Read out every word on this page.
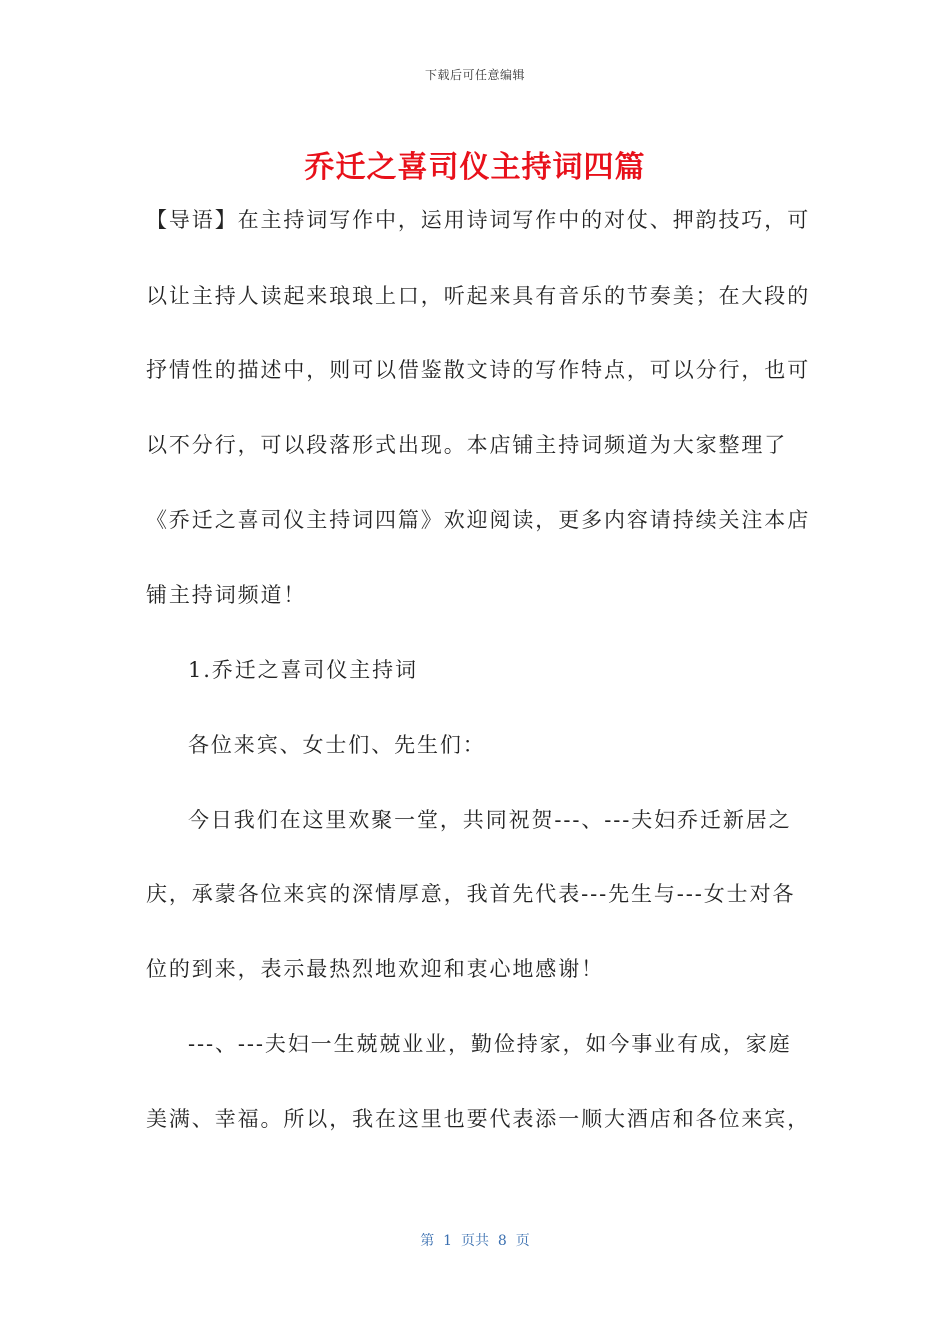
下载后可任意编辑
乔迁之喜司仪主持词四篇
【导语】在主持词写作中，运用诗词写作中的对仗、押韵技巧，可
以让主持人读起来琅琅上口，听起来具有音乐的节奏美；在大段的
抒情性的描述中，则可以借鉴散文诗的写作特点，可以分行，也可
以不分行，可以段落形式出现。本店铺主持词频道为大家整理了
《乔迁之喜司仪主持词四篇》欢迎阅读，更多内容请持续关注本店
铺主持词频道！
1.乔迁之喜司仪主持词
各位来宾、女士们、先生们：
今日我们在这里欢聚一堂，共同祝贺---、---夫妇乔迁新居之
庆，承蒙各位来宾的深情厚意，我首先代表---先生与---女士对各
位的到来，表示最热烈地欢迎和衷心地感谢！
---、---夫妇一生兢兢业业，勤俭持家，如今事业有成，家庭
美满、幸福。所以，我在这里也要代表添一顺大酒店和各位来宾，
第  1  页共  8  页
